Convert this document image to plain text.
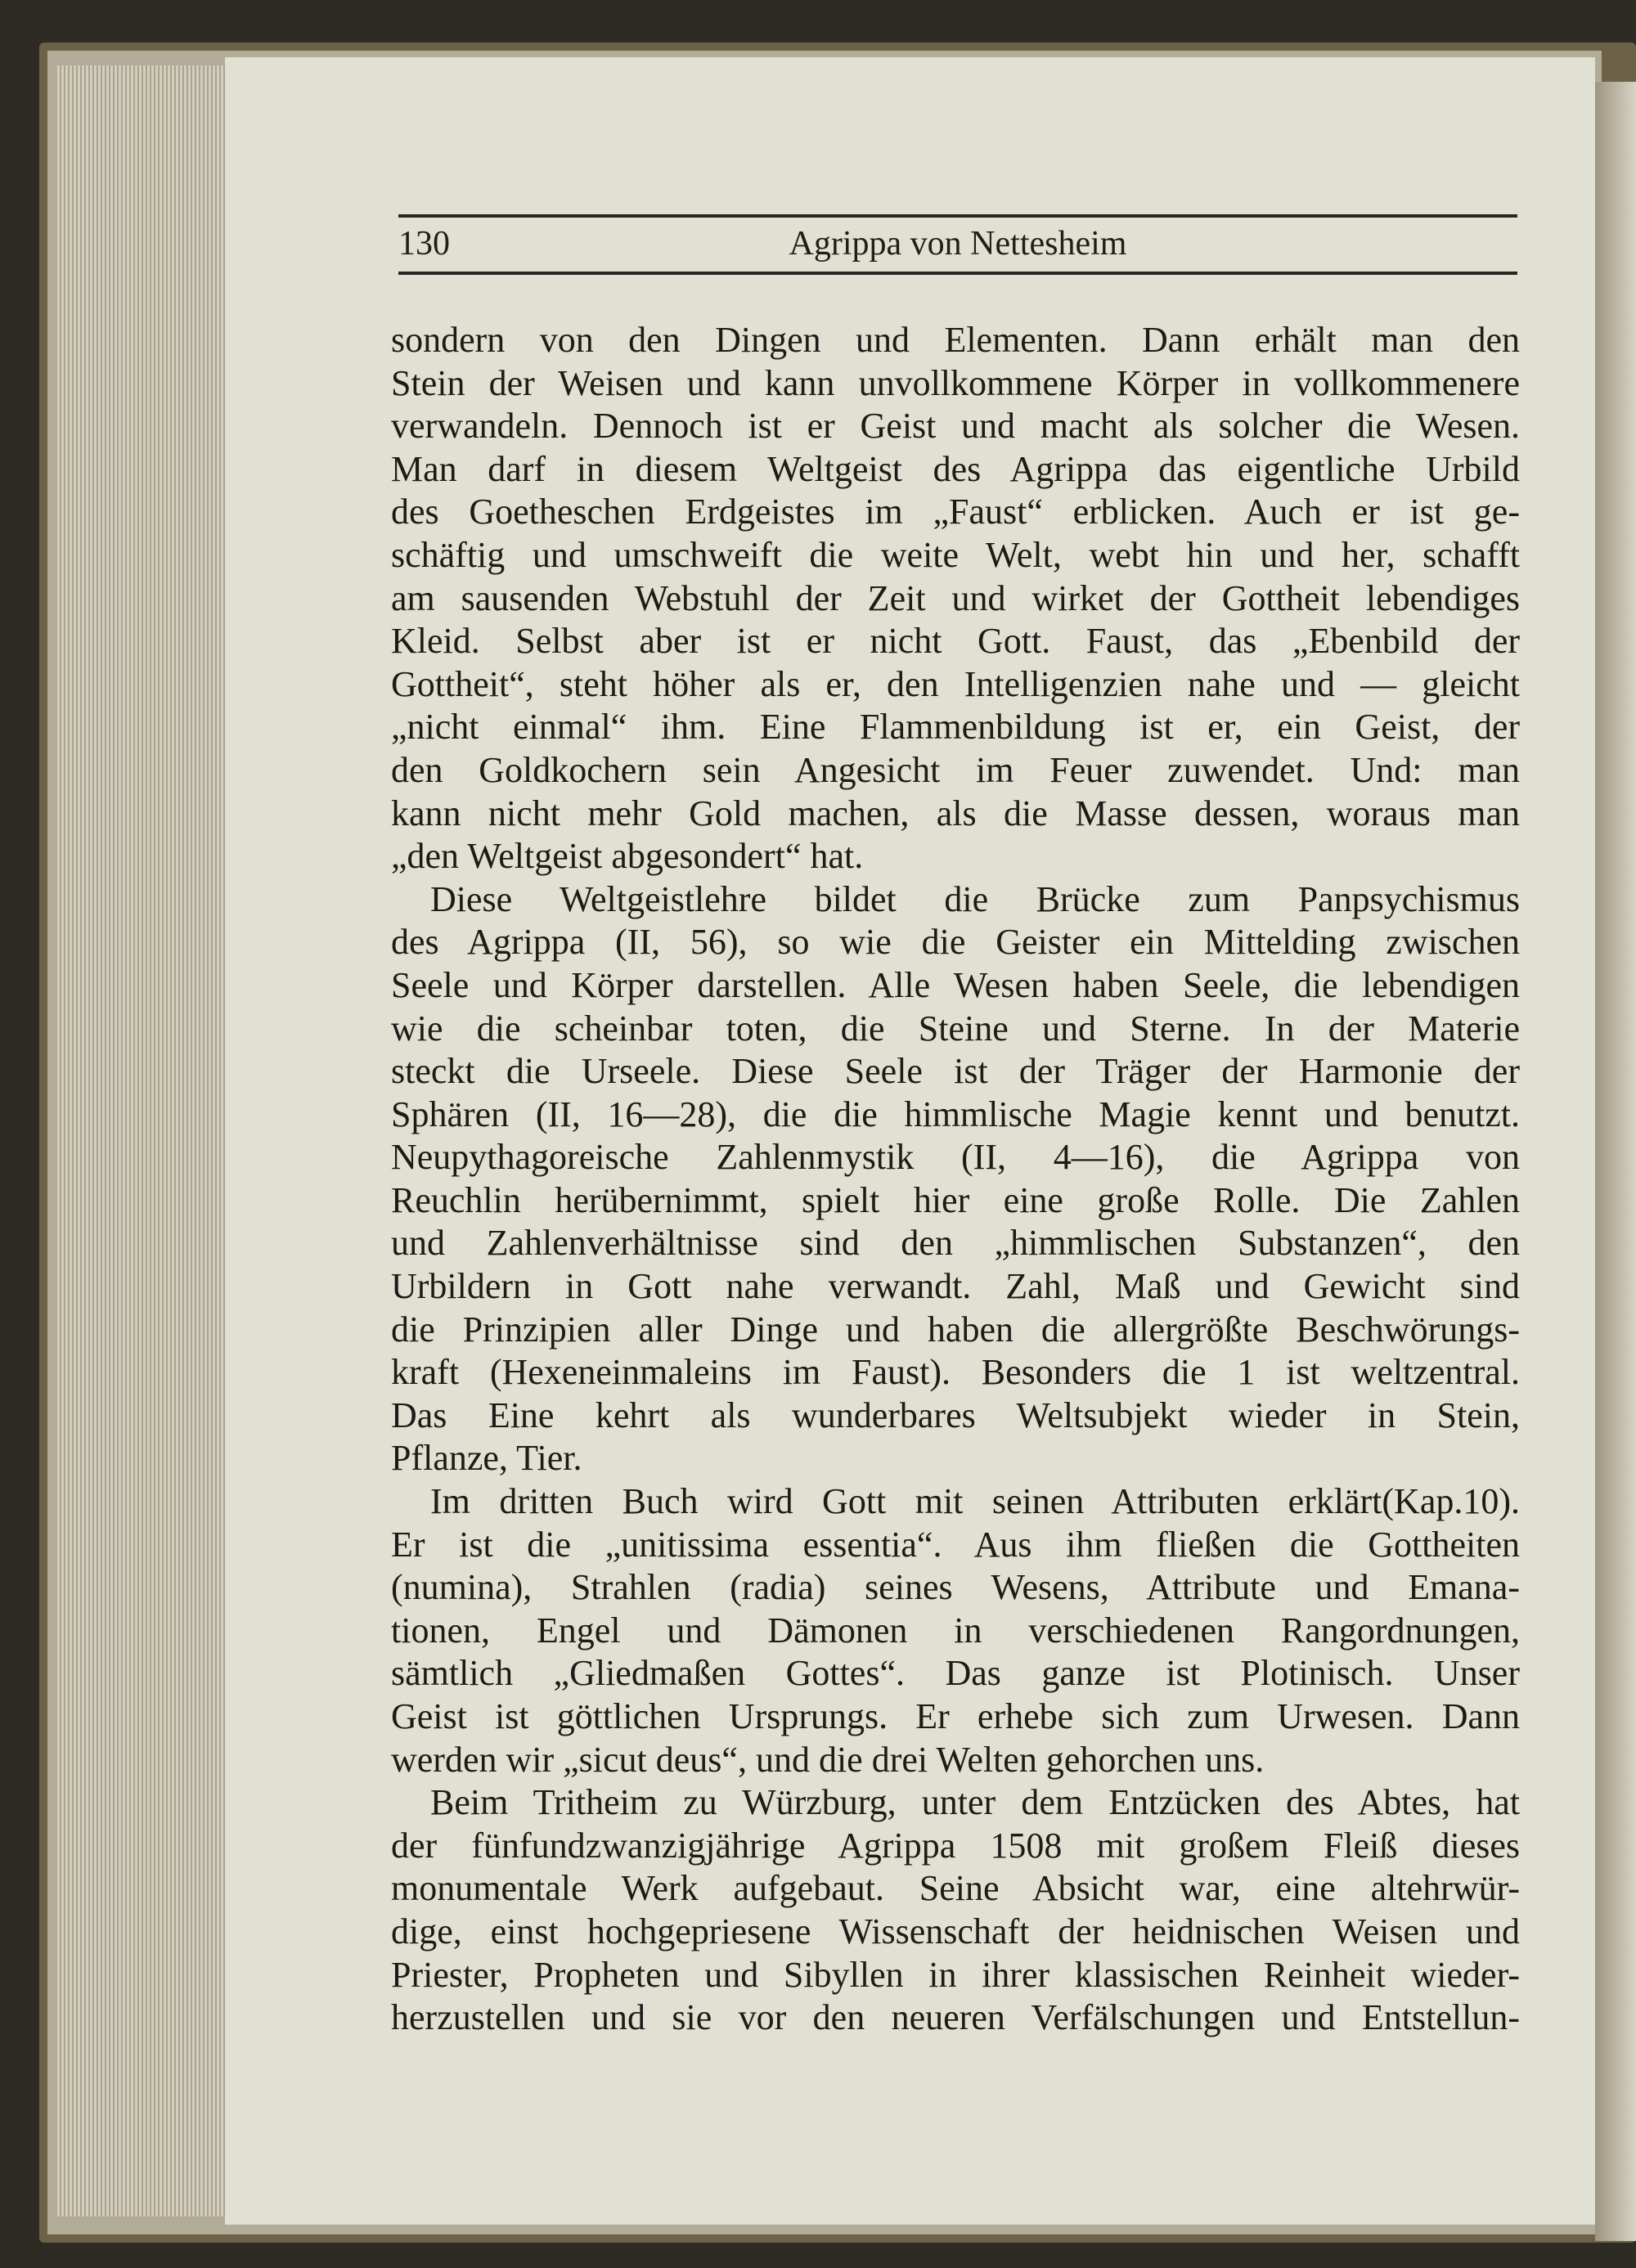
130	Agrippa von Nettesheim
sondern von den Dingen und Elementen. Dann erhält man den
Stein der Weisen und kann unvollkommene Körper in vollkommenere
verwandeln. Dennoch ist er Geist und macht als solcher die Wesen.
Man darf in diesem Weltgeist des Agrippa das eigentliche Urbild
des Goetheschen Erdgeistes im „Faust“ erblicken. Auch er ist ge-
schäftig und umschweift die weite Welt, webt hin und her, schafft
am sausenden Webstuhl der Zeit und wirket der Gottheit lebendiges
Kleid. Selbst aber ist er nicht Gott. Faust, das „Ebenbild der
Gottheit“, steht höher als er, den Intelligenzien nahe und — gleicht
„nicht einmal“ ihm. Eine Flammenbildung ist er, ein Geist, der
den Goldkochern sein Angesicht im Feuer zuwendet. Und: man
kann nicht mehr Gold machen, als die Masse dessen, woraus man
„den Weltgeist abgesondert“ hat.
Diese Weltgeistlehre bildet die Brücke zum Panpsychismus
des Agrippa (II, 56), so wie die Geister ein Mittelding zwischen
Seele und Körper darstellen. Alle Wesen haben Seele, die lebendigen
wie die scheinbar toten, die Steine und Sterne. In der Materie
steckt die Urseele. Diese Seele ist der Träger der Harmonie der
Sphären (II, 16—28), die die himmlische Magie kennt und benutzt.
Neupythagoreische Zahlenmystik (II, 4—16), die Agrippa von
Reuchlin herübernimmt, spielt hier eine große Rolle. Die Zahlen
und Zahlenverhältnisse sind den „himmlischen Substanzen“, den
Urbildern in Gott nahe verwandt. Zahl, Maß und Gewicht sind
die Prinzipien aller Dinge und haben die allergrößte Beschwörungs-
kraft (Hexeneinmaleins im Faust). Besonders die 1 ist weltzentral.
Das Eine kehrt als wunderbares Weltsubjekt wieder in Stein,
Pflanze, Tier.
Im dritten Buch wird Gott mit seinen Attributen erklärt(Kap.10).
Er ist die „unitissima essentia“. Aus ihm fließen die Gottheiten
(numina), Strahlen (radia) seines Wesens, Attribute und Emana-
tionen, Engel und Dämonen in verschiedenen Rangordnungen,
sämtlich „Gliedmaßen Gottes“. Das ganze ist Plotinisch. Unser
Geist ist göttlichen Ursprungs. Er erhebe sich zum Urwesen. Dann
werden wir „sicut deus“, und die drei Welten gehorchen uns.
Beim Tritheim zu Würzburg, unter dem Entzücken des Abtes, hat
der fünfundzwanzigjährige Agrippa 1508 mit großem Fleiß dieses
monumentale Werk aufgebaut. Seine Absicht war, eine altehrwür-
dige, einst hochgepriesene Wissenschaft der heidnischen Weisen und
Priester, Propheten und Sibyllen in ihrer klassischen Reinheit wieder-
herzustellen und sie vor den neueren Verfälschungen und Entstellun-
